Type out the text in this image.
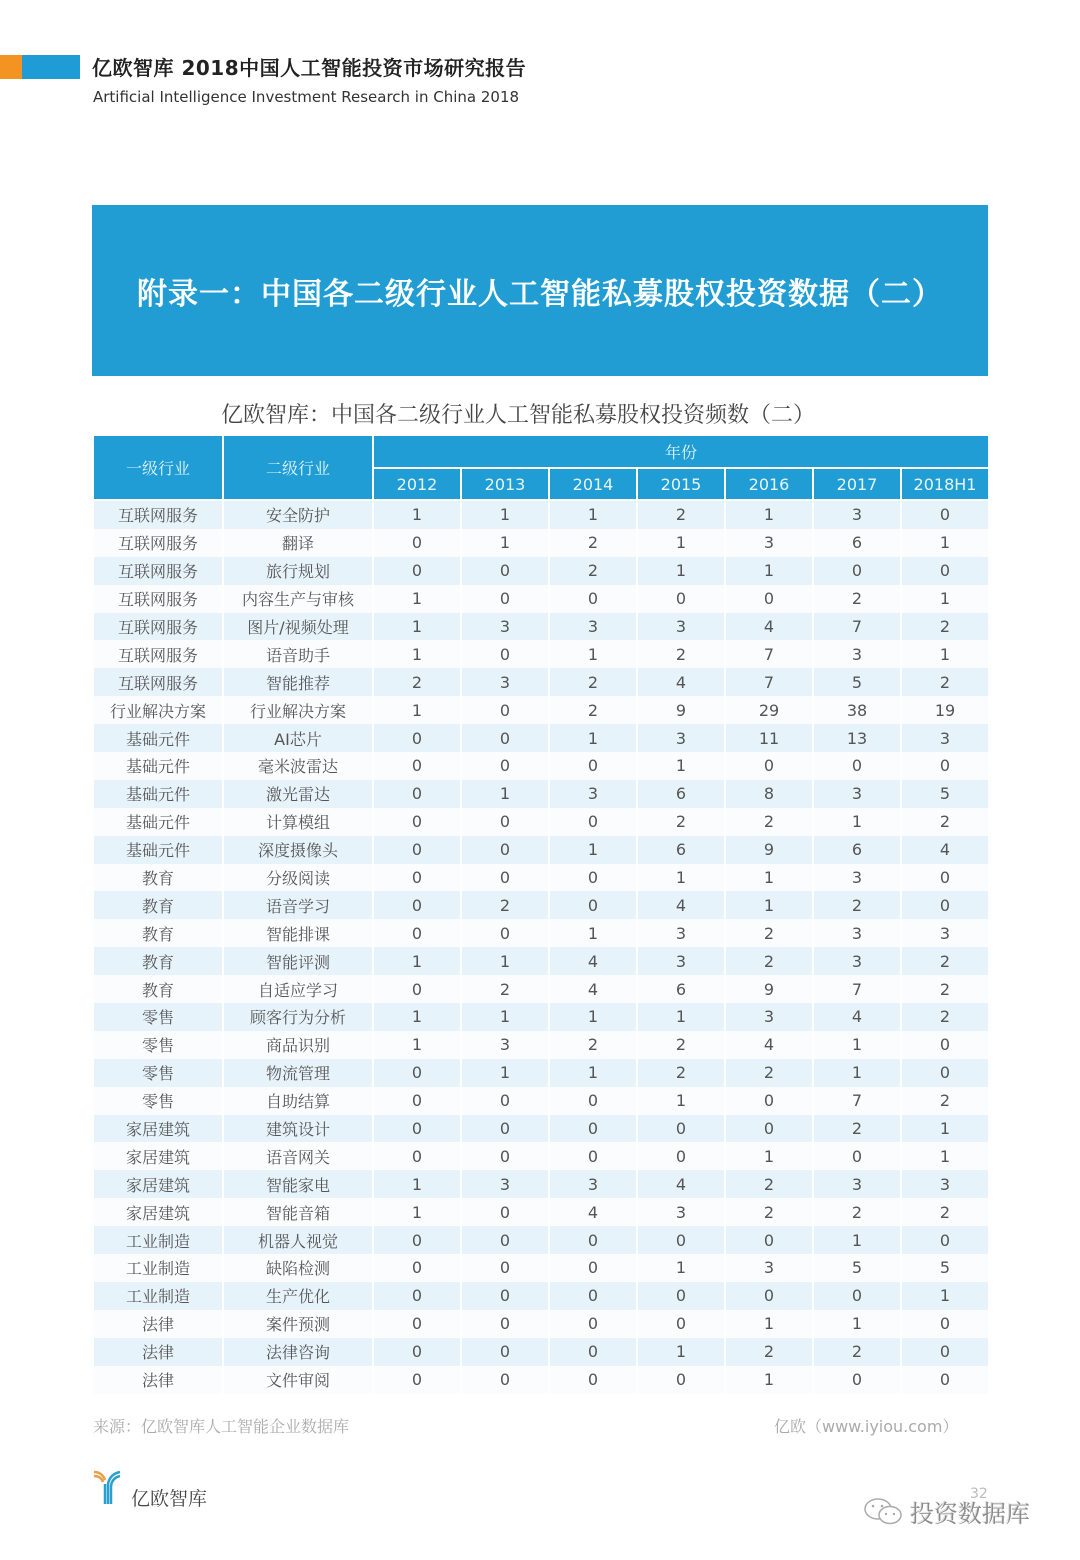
亿欧智库 2018中国人工智能投资市场研究报告
Artificial Intelligence Investment Research in China 2018
附录一：中国各二级行业人工智能私募股权投资数据（二）
亿欧智库：中国各二级行业人工智能私募股权投资频数（二）
一级行业	二级行业	年份						
		2012	2013	2014	2015	2016	2017	2018H1
互联网服务	安全防护	1	1	1	2	1	3	0
互联网服务	翻译	0	1	2	1	3	6	1
互联网服务	旅行规划	0	0	2	1	1	0	0
互联网服务	内容生产与审核	1	0	0	0	0	2	1
互联网服务	图片/视频处理	1	3	3	3	4	7	2
互联网服务	语音助手	1	0	1	2	7	3	1
互联网服务	智能推荐	2	3	2	4	7	5	2
行业解决方案	行业解决方案	1	0	2	9	29	38	19
基础元件	AI芯片	0	0	1	3	11	13	3
基础元件	毫米波雷达	0	0	0	1	0	0	0
基础元件	激光雷达	0	1	3	6	8	3	5
基础元件	计算模组	0	0	0	2	2	1	2
基础元件	深度摄像头	0	0	1	6	9	6	4
教育	分级阅读	0	0	0	1	1	3	0
教育	语音学习	0	2	0	4	1	2	0
教育	智能排课	0	0	1	3	2	3	3
教育	智能评测	1	1	4	3	2	3	2
教育	自适应学习	0	2	4	6	9	7	2
零售	顾客行为分析	1	1	1	1	3	4	2
零售	商品识别	1	3	2	2	4	1	0
零售	物流管理	0	1	1	2	2	1	0
零售	自助结算	0	0	0	1	0	7	2
家居建筑	建筑设计	0	0	0	0	0	2	1
家居建筑	语音网关	0	0	0	0	1	0	1
家居建筑	智能家电	1	3	3	4	2	3	3
家居建筑	智能音箱	1	0	4	3	2	2	2
工业制造	机器人视觉	0	0	0	0	0	1	0
工业制造	缺陷检测	0	0	0	1	3	5	5
工业制造	生产优化	0	0	0	0	0	0	1
法律	案件预测	0	0	0	0	1	1	0
法律	法律咨询	0	0	0	1	2	2	0
法律	文件审阅	0	0	0	0	1	0	0
来源：亿欧智库人工智能企业数据库	亿欧（www.iyiou.com）
亿欧智库	32
投资数据库
